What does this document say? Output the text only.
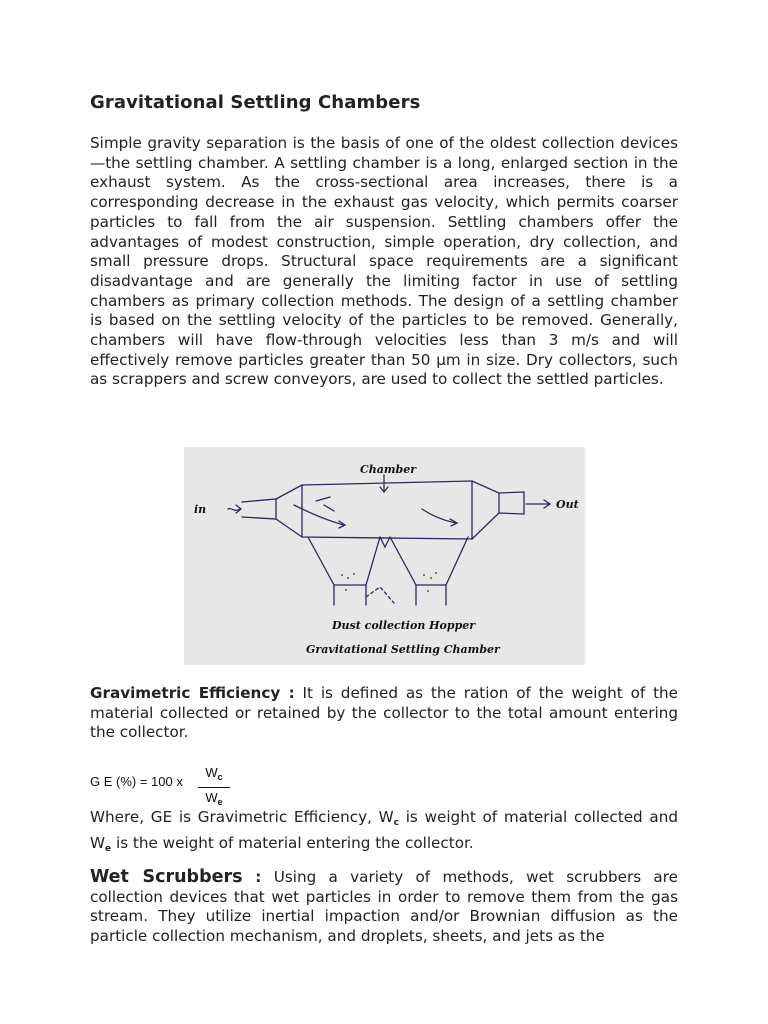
Gravitational Settling Chambers

Simple gravity separation is the basis of one of the oldest collection devices—the settling chamber. A settling chamber is a long, enlarged section in the exhaust system. As the cross-sectional area increases, there is a corresponding decrease in the exhaust gas velocity, which permits coarser particles to fall from the air suspension. Settling chambers offer the advantages of modest construction, simple operation, dry collection, and small pressure drops. Structural space requirements are a significant disadvantage and are generally the limiting factor in use of settling chambers as primary collection methods. The design of a settling chamber is based on the settling velocity of the particles to be removed. Generally, chambers will have flow-through velocities less than 3 m/s and will effectively remove particles greater than 50 µm in size. Dry collectors, such as scrappers and screw conveyors, are used to collect the settled particles.

Chamber
in	Out
Dust collection Hopper
Gravitational Settling Chamber

Gravimetric Efficiency : It is defined as the ration of the weight of the material collected or retained by the collector to the total amount entering the collector.

G E (%) = 100 x
$W_c$
$W_e$

Where, GE is Gravimetric Efficiency, $W_c$ is weight of material collected and $W_e$ is the weight of material entering the collector.

Wet Scrubbers : Using a variety of methods, wet scrubbers are collection devices that wet particles in order to remove them from the gas stream. They utilize inertial impaction and/or Brownian diffusion as the particle collection mechanism, and droplets, sheets, and jets as the
